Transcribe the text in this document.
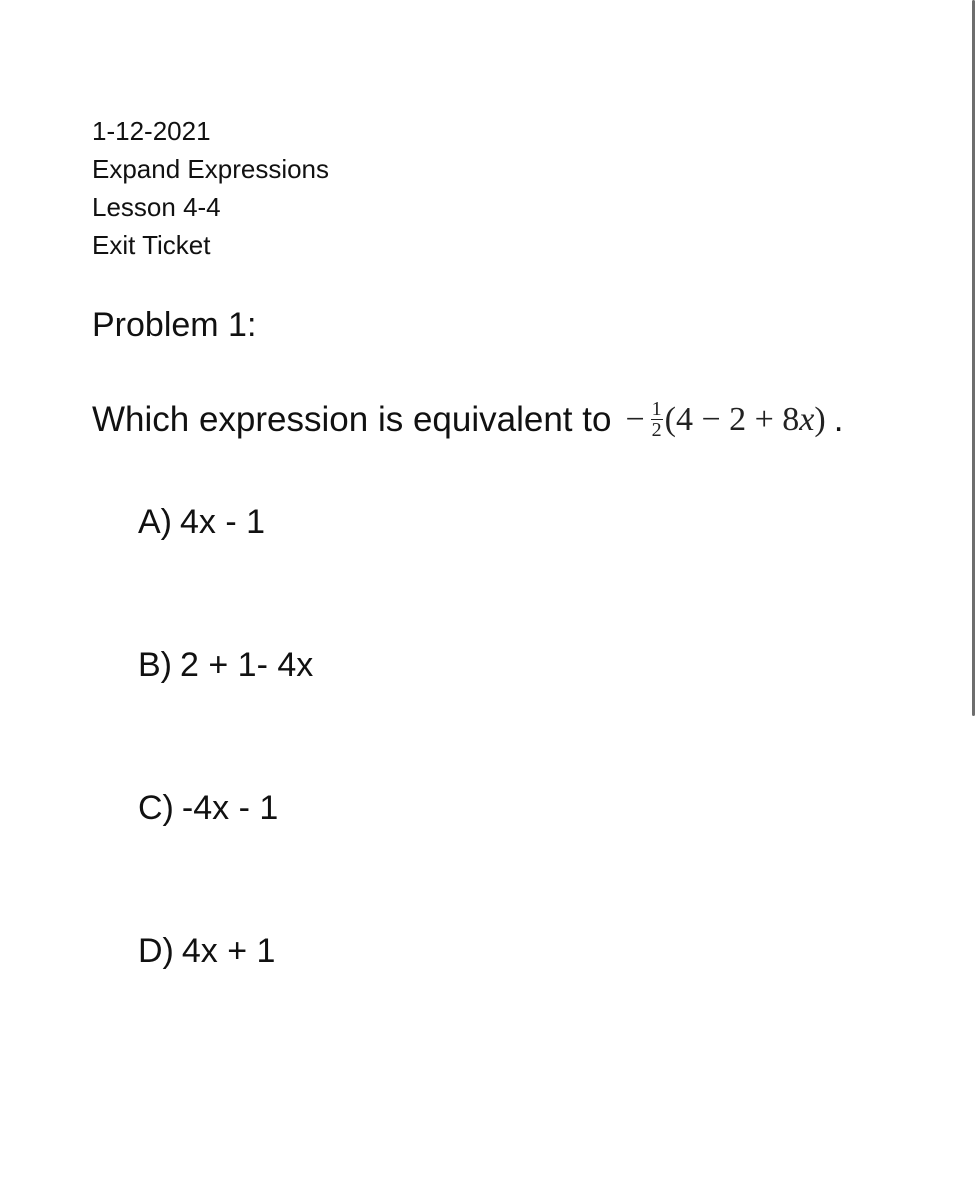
1-12-2021
Expand Expressions
Lesson 4-4
Exit Ticket
Problem 1:
Which expression is equivalent to − $\frac{1}{2} (4 - 2 + 8$ x ) .
A) 4x - 1
B) 2 + 1- 4x
C) -4x - 1
D) 4x + 1
